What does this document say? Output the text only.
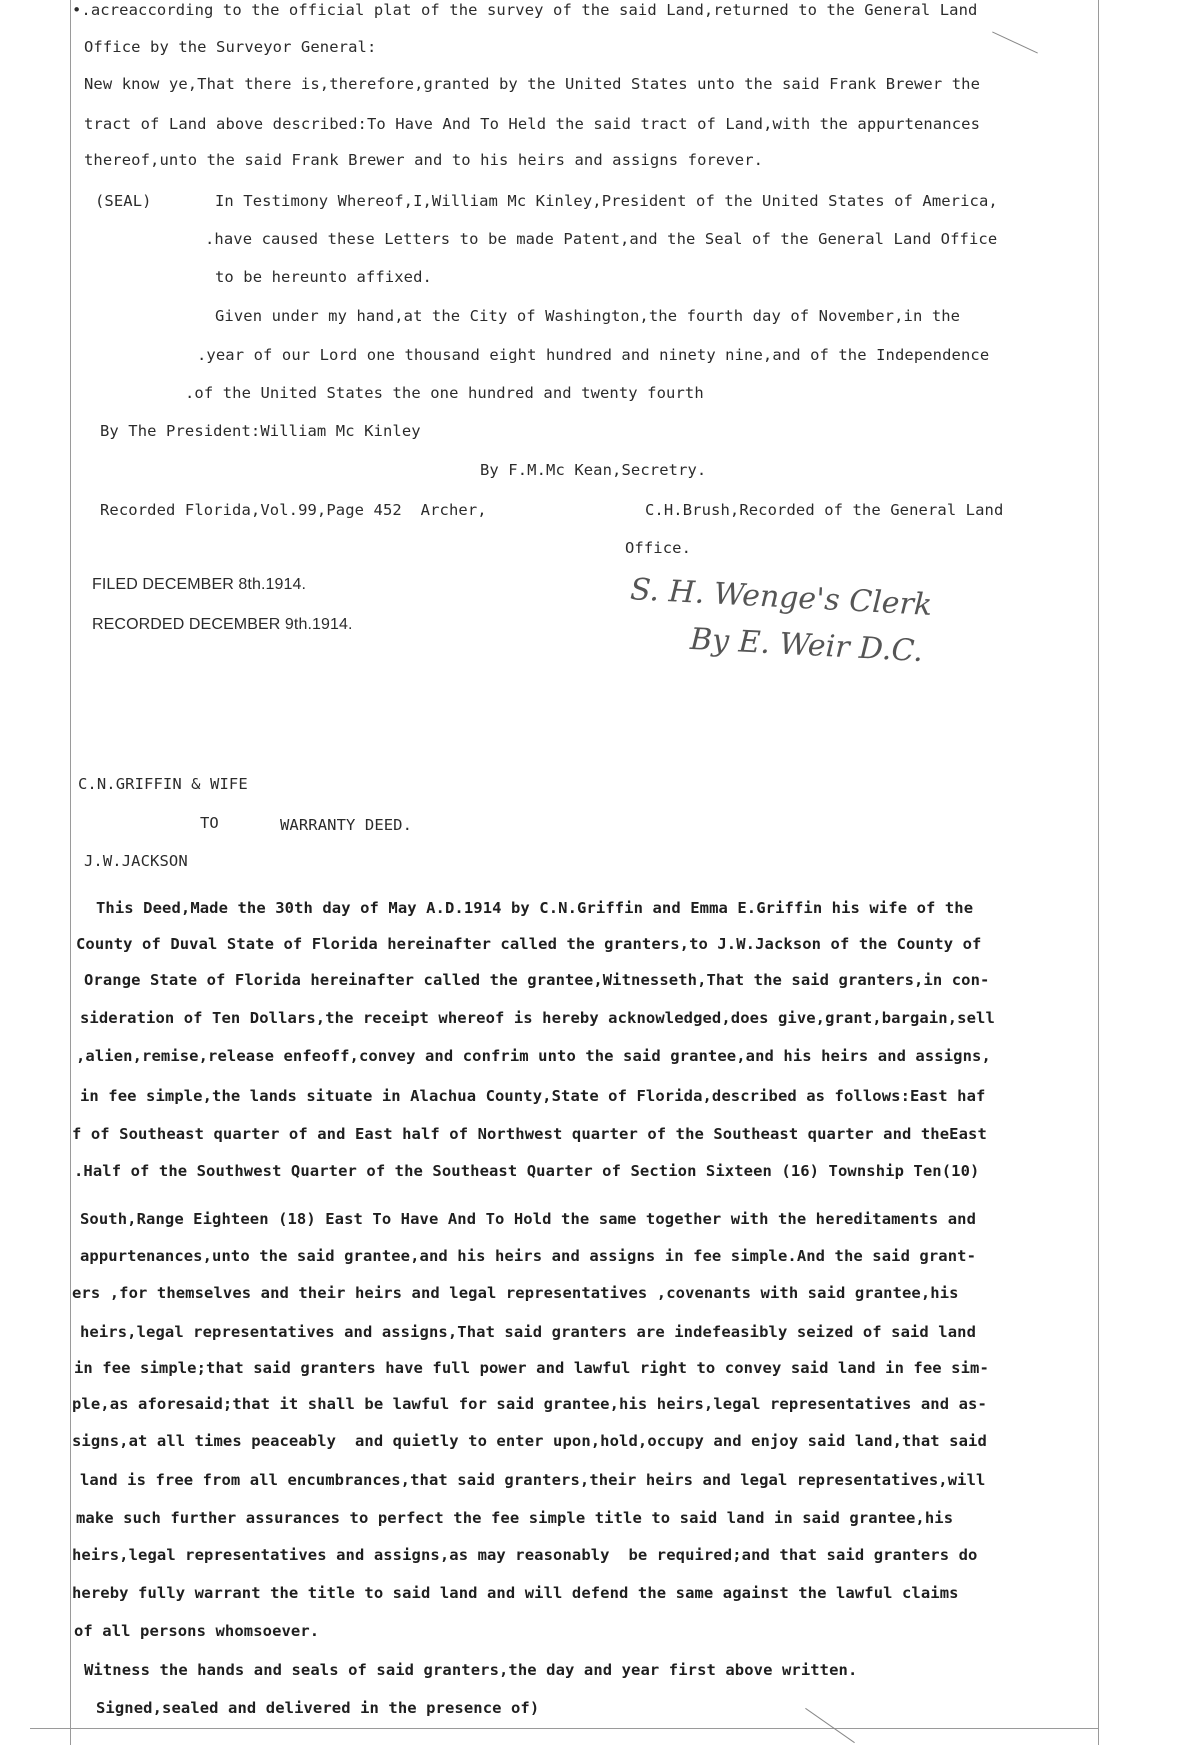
•.acreaccording to the official plat of the survey of the said Land,returned to the General Land
Office by the Surveyor General:
New know ye,That there is,therefore,granted by the United States unto the said Frank Brewer the
tract of Land above described:To Have And To Held the said tract of Land,with the appurtenances
thereof,unto the said Frank Brewer and to his heirs and assigns forever.
(SEAL)	In Testimony Whereof,I,William Mc Kinley,President of the United States of America,
.have caused these Letters to be made Patent,and the Seal of the General Land Office
to be hereunto affixed.
Given under my hand,at the City of Washington,the fourth day of November,in the
.year of our Lord one thousand eight hundred and ninety nine,and of the Independence
.of the United States the one hundred and twenty fourth
By The President:William Mc Kinley
By F.M.Mc Kean,Secretry.
Recorded Florida,Vol.99,Page 452  Archer,	C.H.Brush,Recorded of the General Land
Office.
FILED DECEMBER 8th.1914.
RECORDED DECEMBER 9th.1914.
S. H. Wenge's Clerk
By E. Weir D.C.
C.N.GRIFFIN & WIFE
TO	WARRANTY DEED.
J.W.JACKSON
This Deed,Made the 30th day of May A.D.1914 by C.N.Griffin and Emma E.Griffin his wife of the
County of Duval State of Florida hereinafter called the granters,to J.W.Jackson of the County of
Orange State of Florida hereinafter called the grantee,Witnesseth,That the said granters,in con-
sideration of Ten Dollars,the receipt whereof is hereby acknowledged,does give,grant,bargain,sell
,alien,remise,release enfeoff,convey and confrim unto the said grantee,and his heirs and assigns,
in fee simple,the lands situate in Alachua County,State of Florida,described as follows:East haf
f of Southeast quarter of and East half of Northwest quarter of the Southeast quarter and theEast
.Half of the Southwest Quarter of the Southeast Quarter of Section Sixteen (16) Township Ten(10)
South,Range Eighteen (18) East To Have And To Hold the same together with the hereditaments and
appurtenances,unto the said grantee,and his heirs and assigns in fee simple.And the said grant-
ers ,for themselves and their heirs and legal representatives ,covenants with said grantee,his
heirs,legal representatives and assigns,That said granters are indefeasibly seized of said land
in fee simple;that said granters have full power and lawful right to convey said land in fee sim-
ple,as aforesaid;that it shall be lawful for said grantee,his heirs,legal representatives and as-
signs,at all times peaceably  and quietly to enter upon,hold,occupy and enjoy said land,that said
land is free from all encumbrances,that said granters,their heirs and legal representatives,will
make such further assurances to perfect the fee simple title to said land in said grantee,his
heirs,legal representatives and assigns,as may reasonably  be required;and that said granters do
hereby fully warrant the title to said land and will defend the same against the lawful claims
of all persons whomsoever.
Witness the hands and seals of said granters,the day and year first above written.
Signed,sealed and delivered in the presence of)
